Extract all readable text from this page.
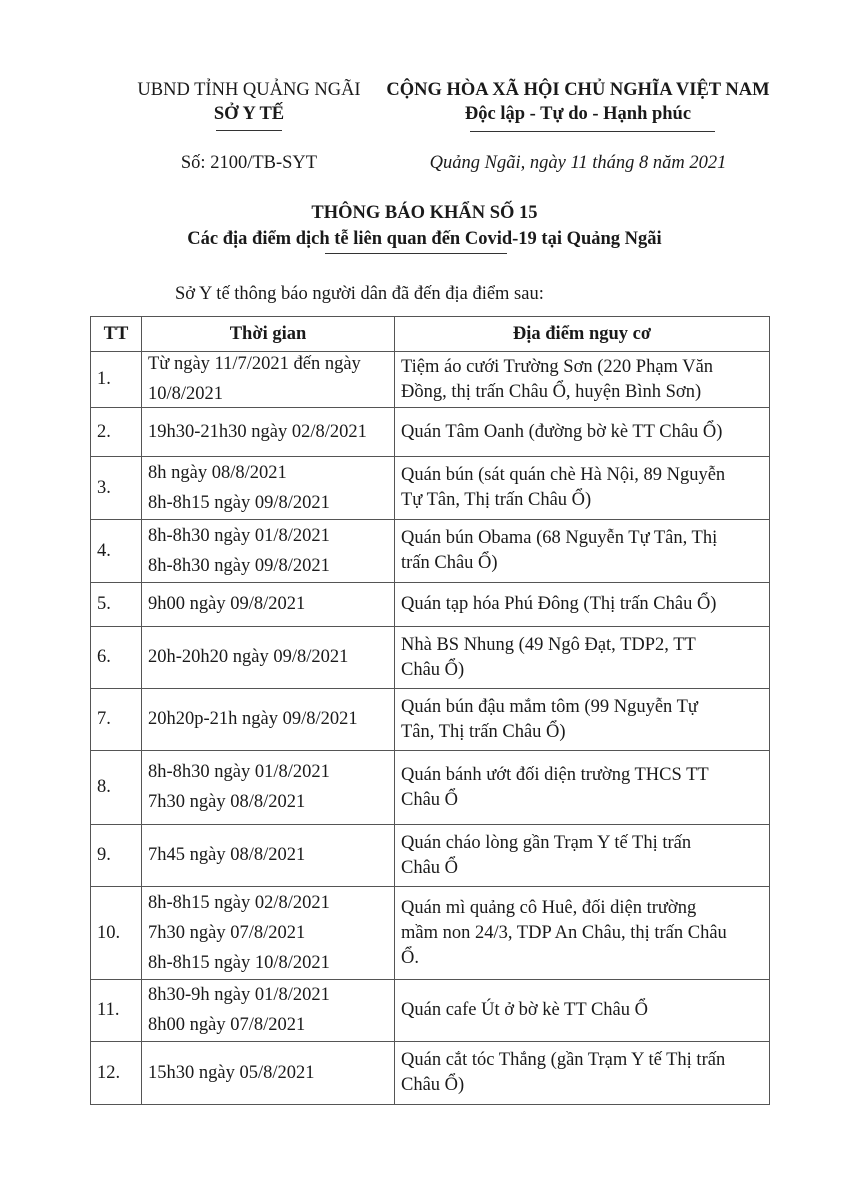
UBND TỈNH QUẢNG NGÃI
SỞ Y TẾ
CỘNG HÒA XÃ HỘI CHỦ NGHĨA VIỆT NAM
Độc lập - Tự do - Hạnh phúc
Số: 2100/TB-SYT	Quảng Ngãi, ngày 11 tháng 8 năm 2021
THÔNG BÁO KHẨN SỐ 15
Các địa điểm dịch tễ liên quan đến Covid-19 tại Quảng Ngãi
Sở Y tế thông báo người dân đã đến địa điểm sau:
TT	Thời gian	Địa điểm nguy cơ
1.	Từ ngày 11/7/2021 đến ngày
10/8/2021	Tiệm áo cưới Trường Sơn (220 Phạm Văn
Đồng, thị trấn Châu Ổ, huyện Bình Sơn)

2.	19h30-21h30 ngày 02/8/2021	Quán Tâm Oanh (đường bờ kè TT Châu Ổ)

3.	8h ngày 08/8/2021
8h-8h15 ngày 09/8/2021	Quán bún (sát quán chè Hà Nội, 89 Nguyễn
Tự Tân, Thị trấn Châu Ổ)

4.	8h-8h30 ngày 01/8/2021
8h-8h30 ngày 09/8/2021	Quán bún Obama (68 Nguyễn Tự Tân, Thị
trấn Châu Ổ)

5.	9h00 ngày 09/8/2021	Quán tạp hóa Phú Đông (Thị trấn Châu Ổ)

6.	20h-20h20 ngày 09/8/2021	Nhà BS Nhung (49 Ngô Đạt, TDP2, TT
Châu Ổ)

7.	20h20p-21h ngày 09/8/2021	Quán bún đậu mắm tôm (99 Nguyễn Tự
Tân, Thị trấn Châu Ổ)

8.	8h-8h30 ngày 01/8/2021
7h30 ngày 08/8/2021	Quán bánh ướt đối diện trường THCS TT
Châu Ổ

9.	7h45 ngày 08/8/2021	Quán cháo lòng gần Trạm Y tế Thị trấn
Châu Ổ

10.	8h-8h15 ngày 02/8/2021
7h30 ngày 07/8/2021
8h-8h15 ngày 10/8/2021	Quán mì quảng cô Huê, đối diện trường
mầm non 24/3, TDP An Châu, thị trấn Châu
Ổ.

11.	8h30-9h ngày 01/8/2021
8h00 ngày 07/8/2021	Quán cafe Út ở bờ kè TT Châu Ổ

12.	15h30 ngày 05/8/2021	Quán cắt tóc Thắng (gần Trạm Y tế Thị trấn
Châu Ổ)
